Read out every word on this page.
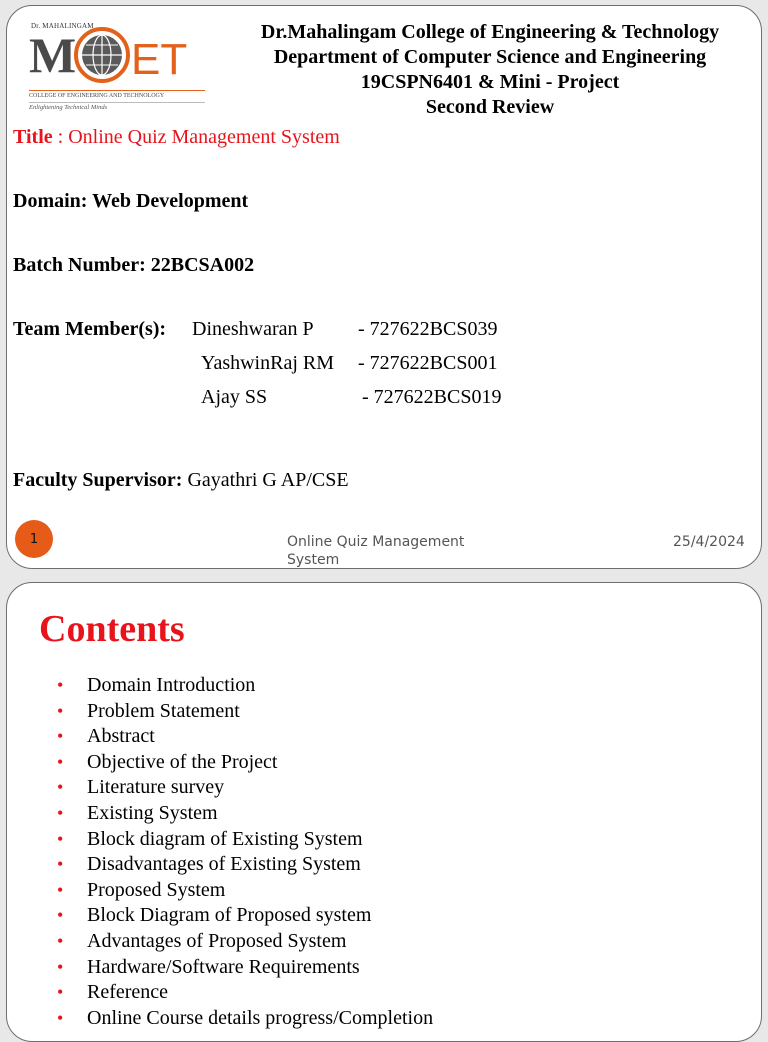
Dr. MAHALINGAM
M ET
COLLEGE OF ENGINEERING AND TECHNOLOGY
Enlightening Technical Minds
Dr.Mahalingam College of Engineering & Technology
Department of Computer Science and Engineering
19CSPN6401 & Mini - Project
Second Review
Title : Online Quiz Management System
Domain: Web Development
Batch Number: 22BCSA002
Team Member(s): Dineshwaran P - 727622BCS039
YashwinRaj RM - 727622BCS001
Ajay SS	- 727622BCS019
Faculty Supervisor: Gayathri G AP/CSE
1	Online Quiz Management System
25/4/2024
Contents
• Domain Introduction
• Problem Statement
• Abstract
• Objective of the Project
• Literature survey
• Existing System
• Block diagram of Existing System
• Disadvantages of Existing System
• Proposed System
• Block Diagram of Proposed system
• Advantages of Proposed System
• Hardware/Software Requirements
• Reference
• Online Course details progress/Completion
